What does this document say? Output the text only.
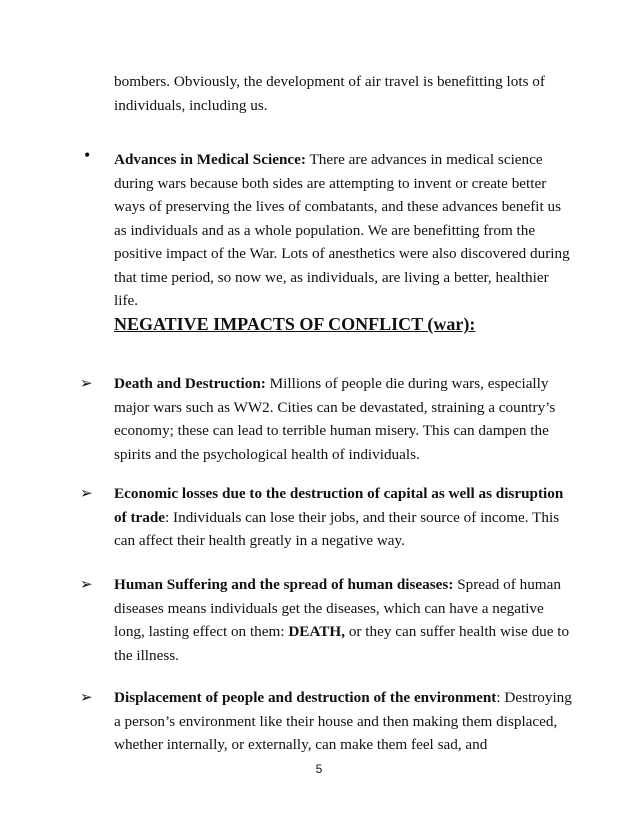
bombers. Obviously, the development of air travel is benefitting lots of individuals, including us.

• Advances in Medical Science: There are advances in medical science during wars because both sides are attempting to invent or create better ways of preserving the lives of combatants, and these advances benefit us as individuals and as a whole population. We are benefitting from the positive impact of the War. Lots of anesthetics were also discovered during that time period, so now we, as individuals, are living a better, healthier life.

NEGATIVE IMPACTS OF CONFLICT (war):

➢ Death and Destruction: Millions of people die during wars, especially major wars such as WW2. Cities can be devastated, straining a country’s economy; these can lead to terrible human misery. This can dampen the spirits and the psychological health of individuals.

➢ Economic losses due to the destruction of capital as well as disruption of trade: Individuals can lose their jobs, and their source of income. This can affect their health greatly in a negative way.

➢ Human Suffering and the spread of human diseases: Spread of human diseases means individuals get the diseases, which can have a negative long, lasting effect on them: DEATH, or they can suffer health wise due to the illness.

➢ Displacement of people and destruction of the environment: Destroying a person’s environment like their house and then making them displaced, whether internally, or externally, can make them feel sad, and

5
